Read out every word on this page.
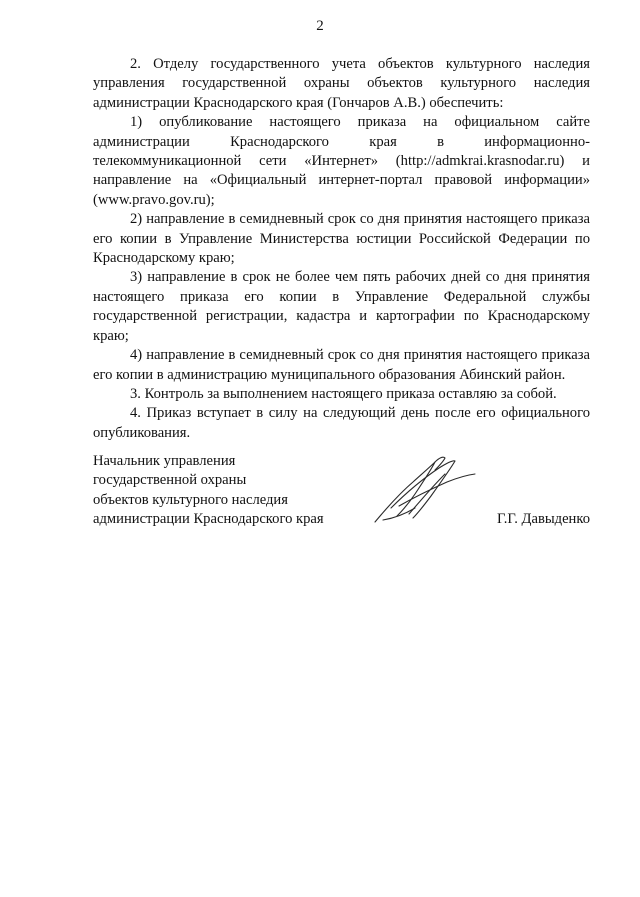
2

2. Отделу государственного учета объектов культурного наследия управления государственной охраны объектов культурного наследия администрации Краснодарского края (Гончаров А.В.) обеспечить:

1) опубликование настоящего приказа на официальном сайте администрации Краснодарского края в информационно-телекоммуникационной сети «Интернет» (http://admkrai.krasnodar.ru) и направление на «Официальный интернет-портал правовой информации» (www.pravo.gov.ru);

2) направление в семидневный срок со дня принятия настоящего приказа его копии в Управление Министерства юстиции Российской Федерации по Краснодарскому краю;

3) направление в срок не более чем пять рабочих дней со дня принятия настоящего приказа его копии в Управление Федеральной службы государственной регистрации, кадастра и картографии по Краснодарскому краю;

4) направление в семидневный срок со дня принятия настоящего приказа его копии в администрацию муниципального образования Абинский район.

3. Контроль за выполнением настоящего приказа оставляю за собой.

4. Приказ вступает в силу на следующий день после его официального опубликования.

Начальник управления
государственной охраны
объектов культурного наследия
администрации Краснодарского края	Г.Г. Давыденко
